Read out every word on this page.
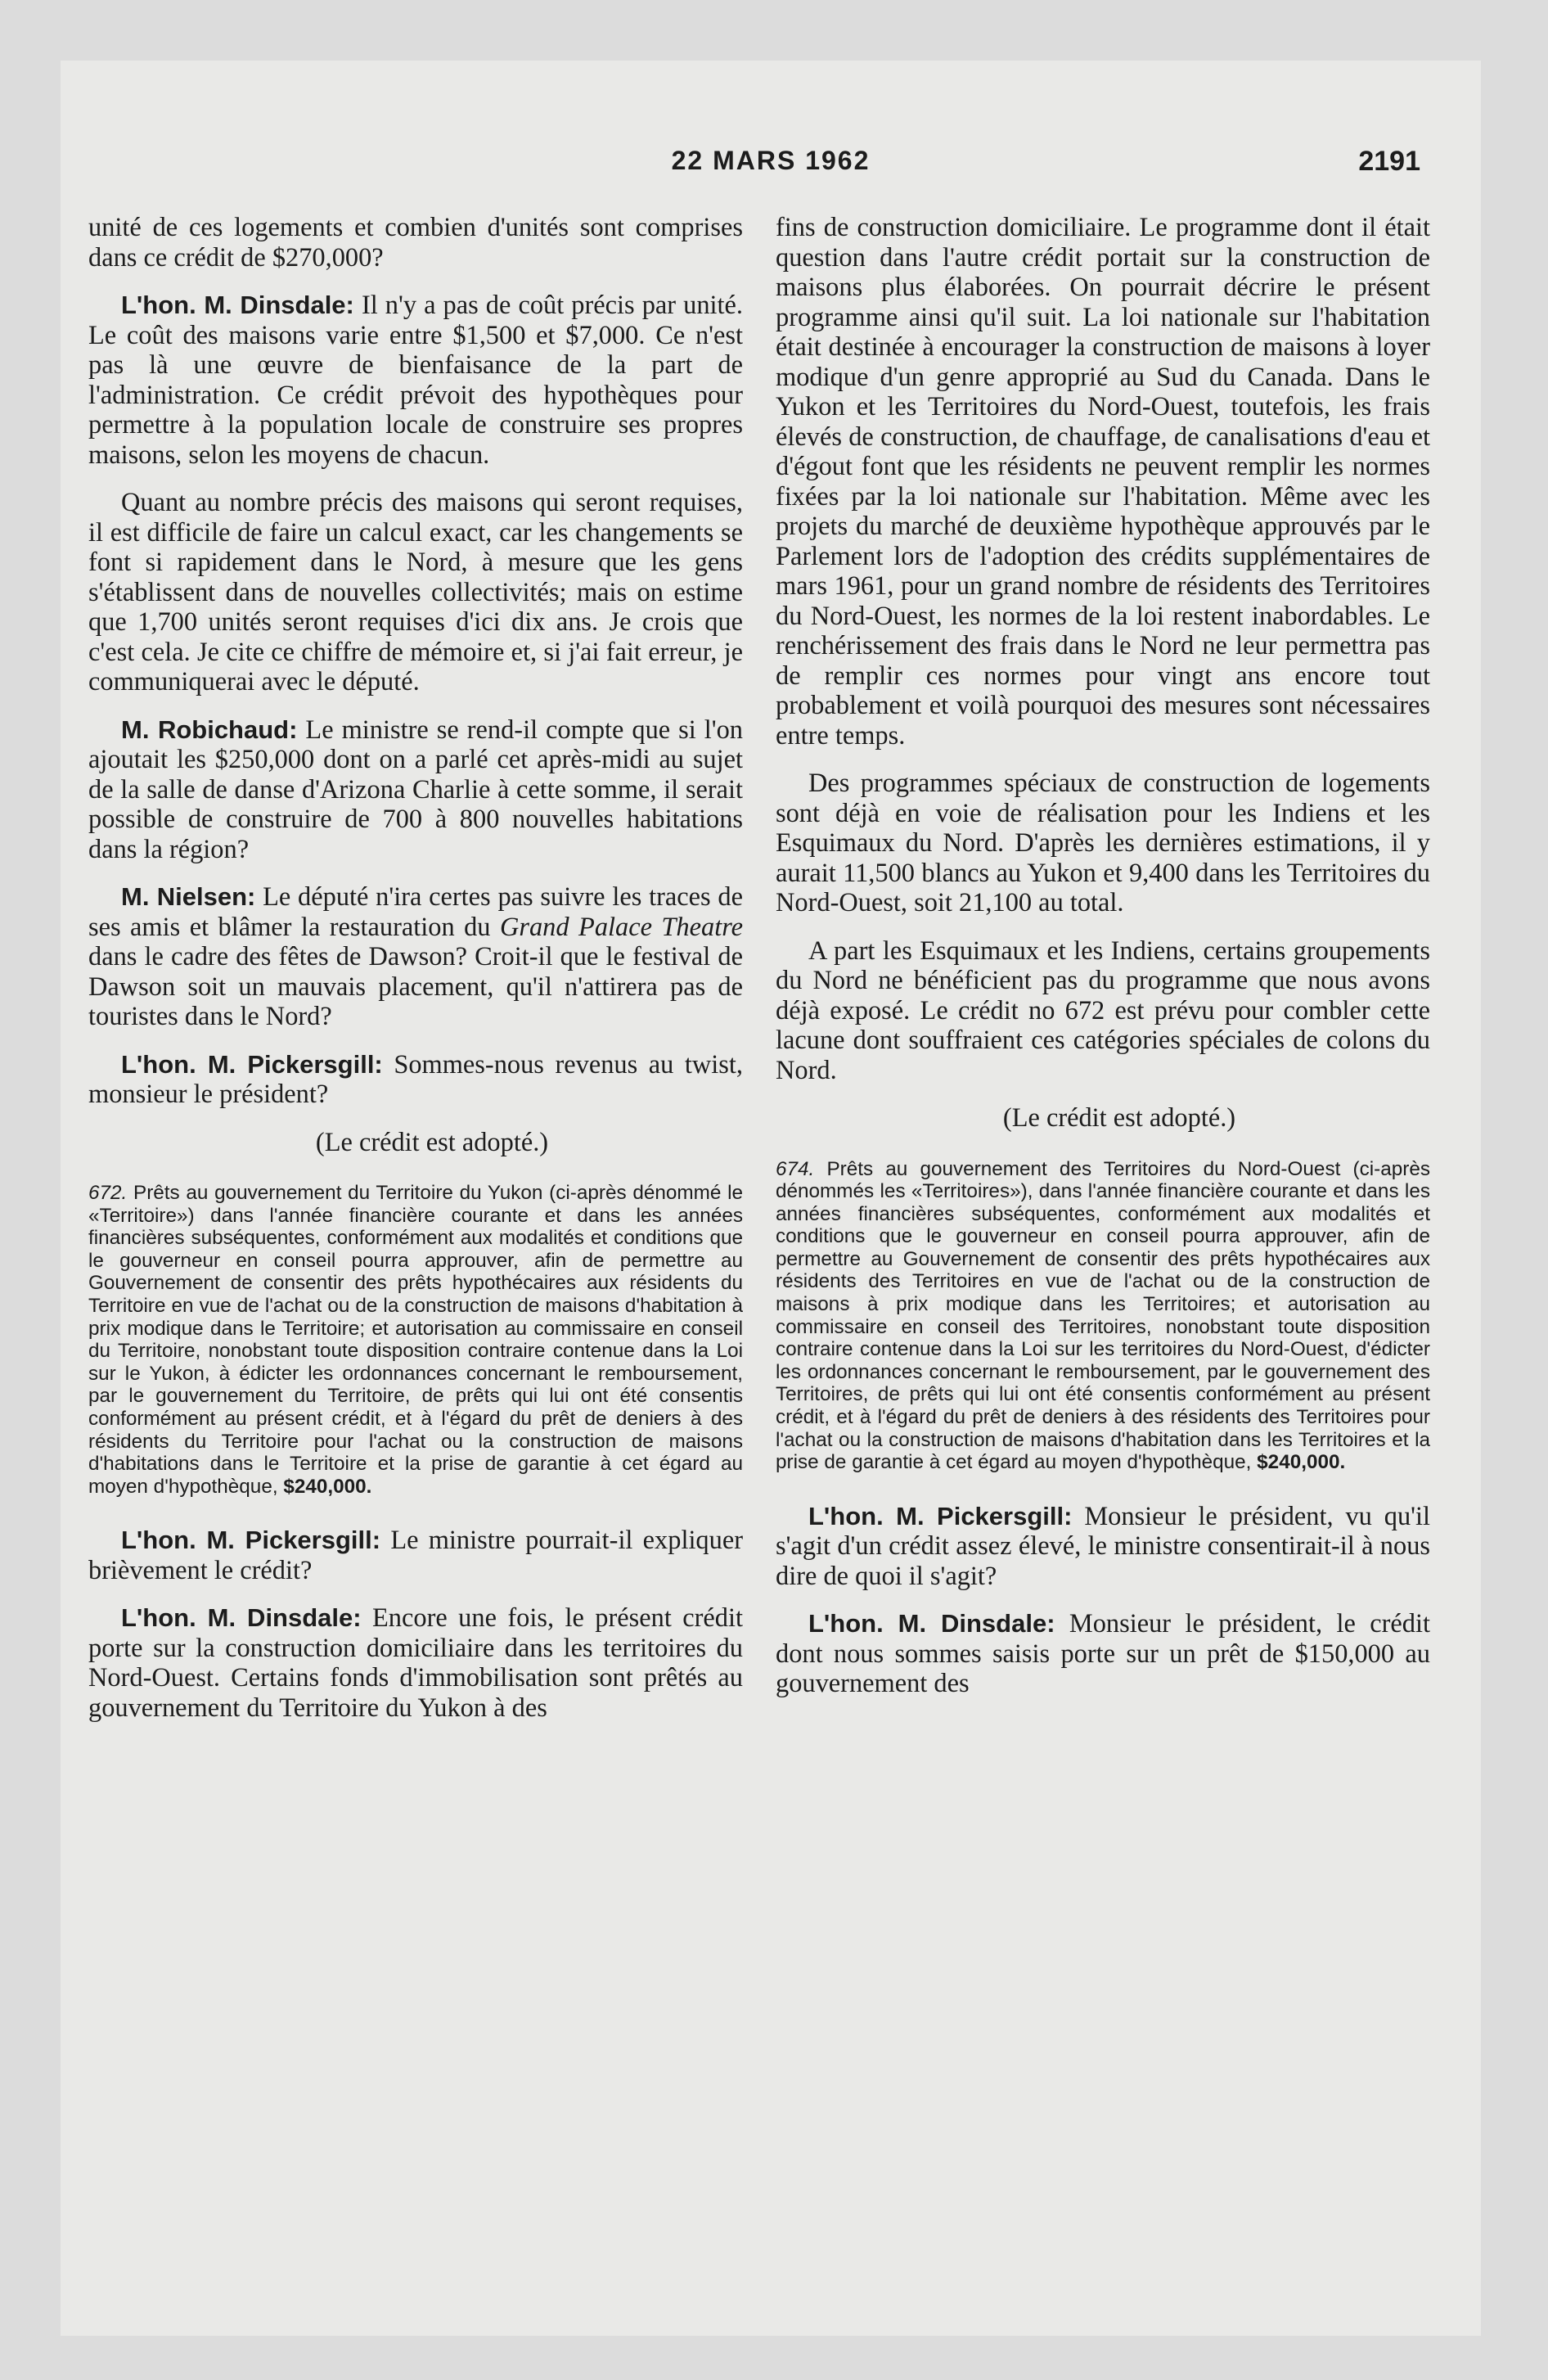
22 MARS 1962	2191

unité de ces logements et combien d'unités sont comprises dans ce crédit de $270,000?

L'hon. M. Dinsdale: Il n'y a pas de coût précis par unité. Le coût des maisons varie entre $1,500 et $7,000. Ce n'est pas là une œuvre de bienfaisance de la part de l'administration. Ce crédit prévoit des hypothèques pour permettre à la population locale de construire ses propres maisons, selon les moyens de chacun.

Quant au nombre précis des maisons qui seront requises, il est difficile de faire un calcul exact, car les changements se font si rapidement dans le Nord, à mesure que les gens s'établissent dans de nouvelles collectivités; mais on estime que 1,700 unités seront requises d'ici dix ans. Je crois que c'est cela. Je cite ce chiffre de mémoire et, si j'ai fait erreur, je communiquerai avec le député.

M. Robichaud: Le ministre se rend-il compte que si l'on ajoutait les $250,000 dont on a parlé cet après-midi au sujet de la salle de danse d'Arizona Charlie à cette somme, il serait possible de construire de 700 à 800 nouvelles habitations dans la région?

M. Nielsen: Le député n'ira certes pas suivre les traces de ses amis et blâmer la restauration du Grand Palace Theatre dans le cadre des fêtes de Dawson? Croit-il que le festival de Dawson soit un mauvais placement, qu'il n'attirera pas de touristes dans le Nord?

L'hon. M. Pickersgill: Sommes-nous revenus au twist, monsieur le président?

(Le crédit est adopté.)

672. Prêts au gouvernement du Territoire du Yukon (ci-après dénommé le «Territoire») dans l'année financière courante et dans les années financières subséquentes, conformément aux modalités et conditions que le gouverneur en conseil pourra approuver, afin de permettre au Gouvernement de consentir des prêts hypothécaires aux résidents du Territoire en vue de l'achat ou de la construction de maisons d'habitation à prix modique dans le Territoire; et autorisation au commissaire en conseil du Territoire, nonobstant toute disposition contraire contenue dans la Loi sur le Yukon, à édicter les ordonnances concernant le remboursement, par le gouvernement du Territoire, de prêts qui lui ont été consentis conformément au présent crédit, et à l'égard du prêt de deniers à des résidents du Territoire pour l'achat ou la construction de maisons d'habitations dans le Territoire et la prise de garantie à cet égard au moyen d'hypothèque, $240,000.

L'hon. M. Pickersgill: Le ministre pourrait-il expliquer brièvement le crédit?

L'hon. M. Dinsdale: Encore une fois, le présent crédit porte sur la construction domiciliaire dans les territoires du Nord-Ouest. Certains fonds d'immobilisation sont prêtés au gouvernement du Territoire du Yukon à des

fins de construction domiciliaire. Le programme dont il était question dans l'autre crédit portait sur la construction de maisons plus élaborées. On pourrait décrire le présent programme ainsi qu'il suit. La loi nationale sur l'habitation était destinée à encourager la construction de maisons à loyer modique d'un genre approprié au Sud du Canada. Dans le Yukon et les Territoires du Nord-Ouest, toutefois, les frais élevés de construction, de chauffage, de canalisations d'eau et d'égout font que les résidents ne peuvent remplir les normes fixées par la loi nationale sur l'habitation. Même avec les projets du marché de deuxième hypothèque approuvés par le Parlement lors de l'adoption des crédits supplémentaires de mars 1961, pour un grand nombre de résidents des Territoires du Nord-Ouest, les normes de la loi restent inabordables. Le renchérissement des frais dans le Nord ne leur permettra pas de remplir ces normes pour vingt ans encore tout probablement et voilà pourquoi des mesures sont nécessaires entre temps.

Des programmes spéciaux de construction de logements sont déjà en voie de réalisation pour les Indiens et les Esquimaux du Nord. D'après les dernières estimations, il y aurait 11,500 blancs au Yukon et 9,400 dans les Territoires du Nord-Ouest, soit 21,100 au total.

A part les Esquimaux et les Indiens, certains groupements du Nord ne bénéficient pas du programme que nous avons déjà exposé. Le crédit no 672 est prévu pour combler cette lacune dont souffraient ces catégories spéciales de colons du Nord.

(Le crédit est adopté.)

674. Prêts au gouvernement des Territoires du Nord-Ouest (ci-après dénommés les «Territoires»), dans l'année financière courante et dans les années financières subséquentes, conformément aux modalités et conditions que le gouverneur en conseil pourra approuver, afin de permettre au Gouvernement de consentir des prêts hypothécaires aux résidents des Territoires en vue de l'achat ou de la construction de maisons à prix modique dans les Territoires; et autorisation au commissaire en conseil des Territoires, nonobstant toute disposition contraire contenue dans la Loi sur les territoires du Nord-Ouest, d'édicter les ordonnances concernant le remboursement, par le gouvernement des Territoires, de prêts qui lui ont été consentis conformément au présent crédit, et à l'égard du prêt de deniers à des résidents des Territoires pour l'achat ou la construction de maisons d'habitation dans les Territoires et la prise de garantie à cet égard au moyen d'hypothèque, $240,000.

L'hon. M. Pickersgill: Monsieur le président, vu qu'il s'agit d'un crédit assez élevé, le ministre consentirait-il à nous dire de quoi il s'agit?

L'hon. M. Dinsdale: Monsieur le président, le crédit dont nous sommes saisis porte sur un prêt de $150,000 au gouvernement des
